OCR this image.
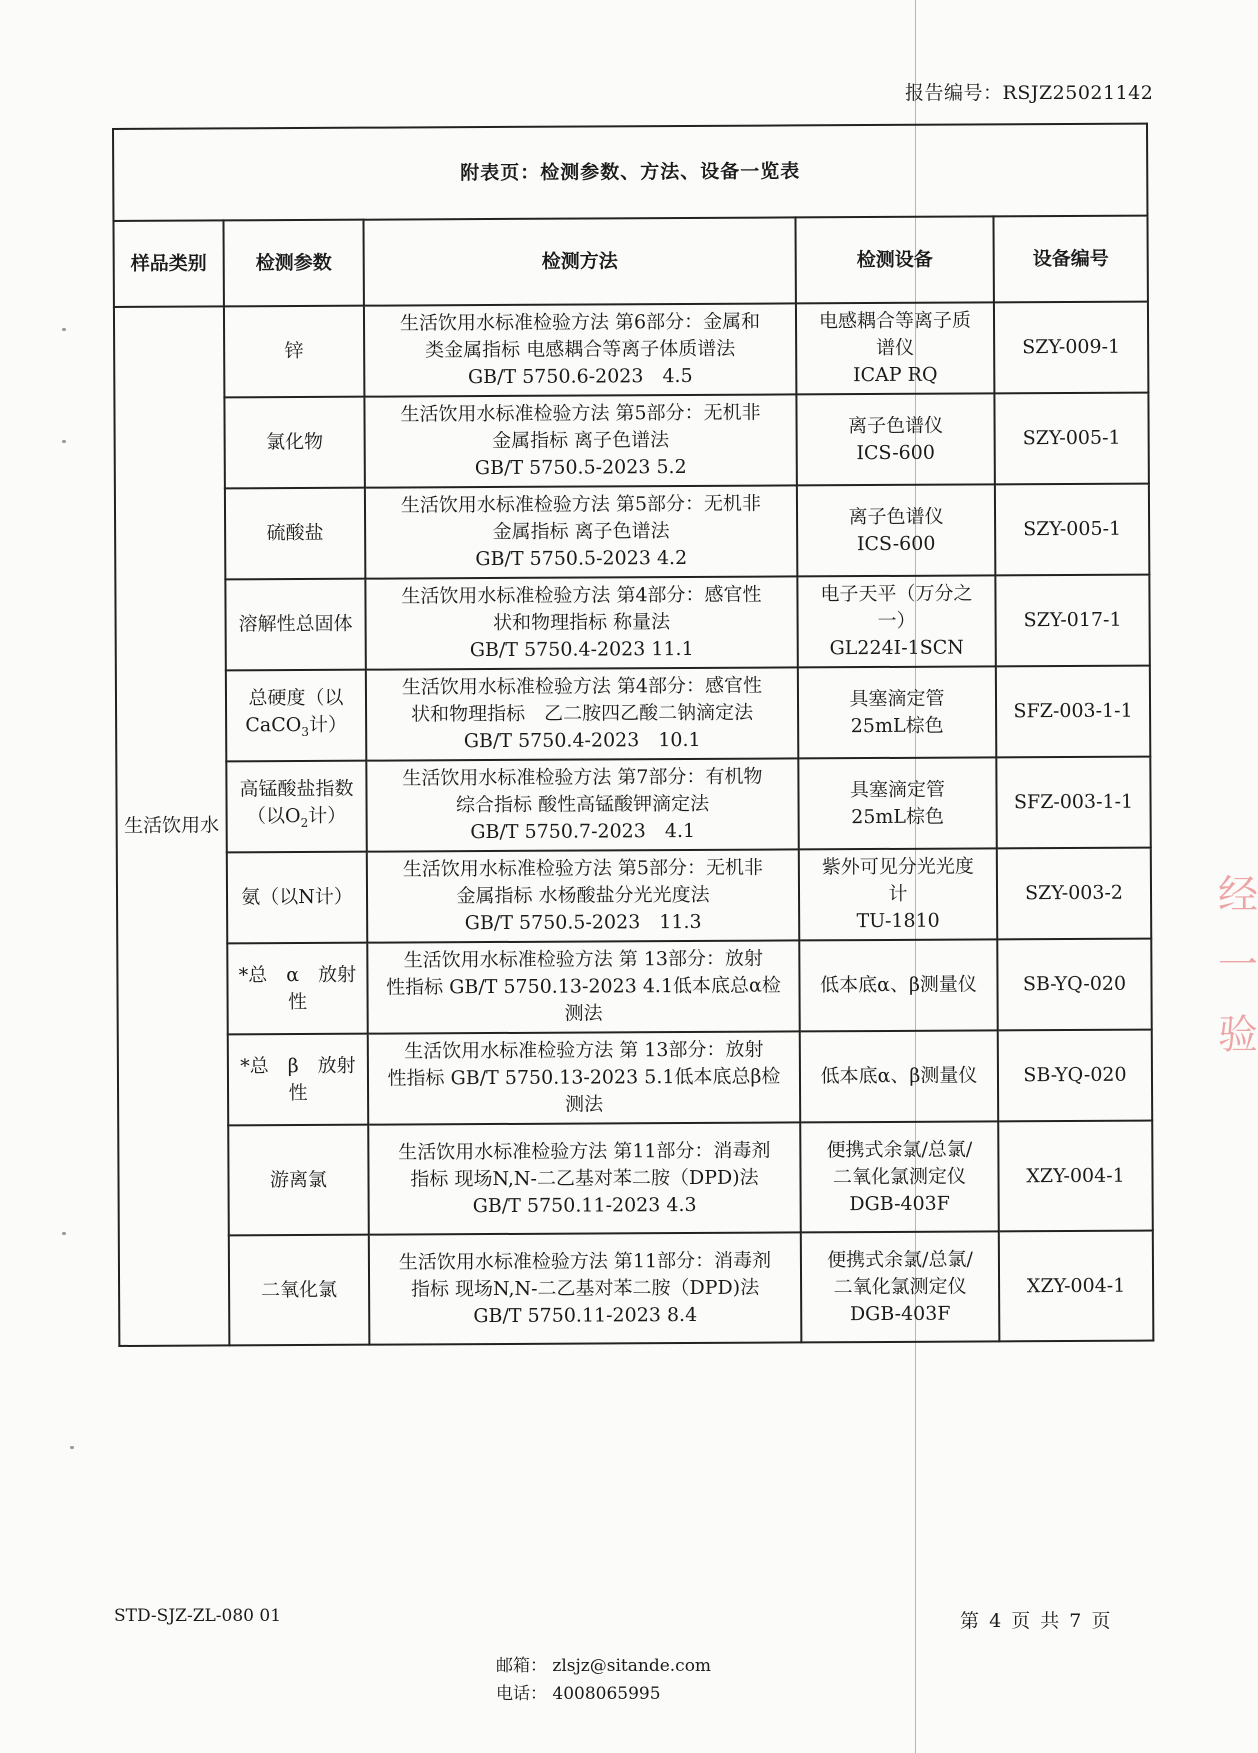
报告编号：RSJZ25021142
附表页：检测参数、方法、设备一览表				
样品类别	检测参数	检测方法	检测设备	设备编号
生活饮用水	锌	生活饮用水标准检验方法 第6部分：金属和
类金属指标 电感耦合等离子体质谱法
GB/T 5750.6-2023　4.5	电感耦合等离子质
谱仪
ICAP RQ	SZY-009-1
	氯化物	生活饮用水标准检验方法 第5部分：无机非
金属指标 离子色谱法
GB/T 5750.5-2023 5.2	离子色谱仪
ICS-600	SZY-005-1
	硫酸盐	生活饮用水标准检验方法 第5部分：无机非
金属指标 离子色谱法
GB/T 5750.5-2023 4.2	离子色谱仪
ICS-600	SZY-005-1
	溶解性总固体	生活饮用水标准检验方法 第4部分：感官性
状和物理指标 称量法
GB/T 5750.4-2023 11.1	电子天平（万分之
一）
GL224I-1SCN	SZY-017-1
	总硬度（以
CaCO$_3$计）	生活饮用水标准检验方法 第4部分：感官性
状和物理指标　乙二胺四乙酸二钠滴定法
GB/T 5750.4-2023　10.1	具塞滴定管
25mL棕色	SFZ-003-1-1
	高锰酸盐指数
（以$O_2$计）	生活饮用水标准检验方法 第7部分：有机物
综合指标 酸性高锰酸钾滴定法
GB/T 5750.7-2023　4.1	具塞滴定管
25mL棕色	SFZ-003-1-1
	氨（以N计）	生活饮用水标准检验方法 第5部分：无机非
金属指标 水杨酸盐分光光度法
GB/T 5750.5-2023　11.3	紫外可见分光光度
计
TU-1810	SZY-003-2
	*总　α　放射
性	生活饮用水标准检验方法 第 13部分：放射
性指标 GB/T 5750.13-2023 4.1低本底总α检
测法	低本底α、β测量仪	SB-YQ-020
	*总　β　放射
性	生活饮用水标准检验方法 第 13部分：放射
性指标 GB/T 5750.13-2023 5.1低本底总β检
测法	低本底α、β测量仪	SB-YQ-020
	游离氯	生活饮用水标准检验方法 第11部分：消毒剂
指标 现场N,N-二乙基对苯二胺（DPD)法
GB/T 5750.11-2023 4.3	便携式余氯/总氯/
二氧化氯测定仪
DGB-403F	XZY-004-1
	二氧化氯	生活饮用水标准检验方法 第11部分：消毒剂
指标 现场N,N-二乙基对苯二胺（DPD)法
GB/T 5750.11-2023 8.4	便携式余氯/总氯/
二氧化氯测定仪
DGB-403F	XZY-004-1
经 一 验
STD-SJZ-ZL-080 01
邮箱： zlsjz@sitande.com
电话： 4008065995
第 4 页 共 7 页
